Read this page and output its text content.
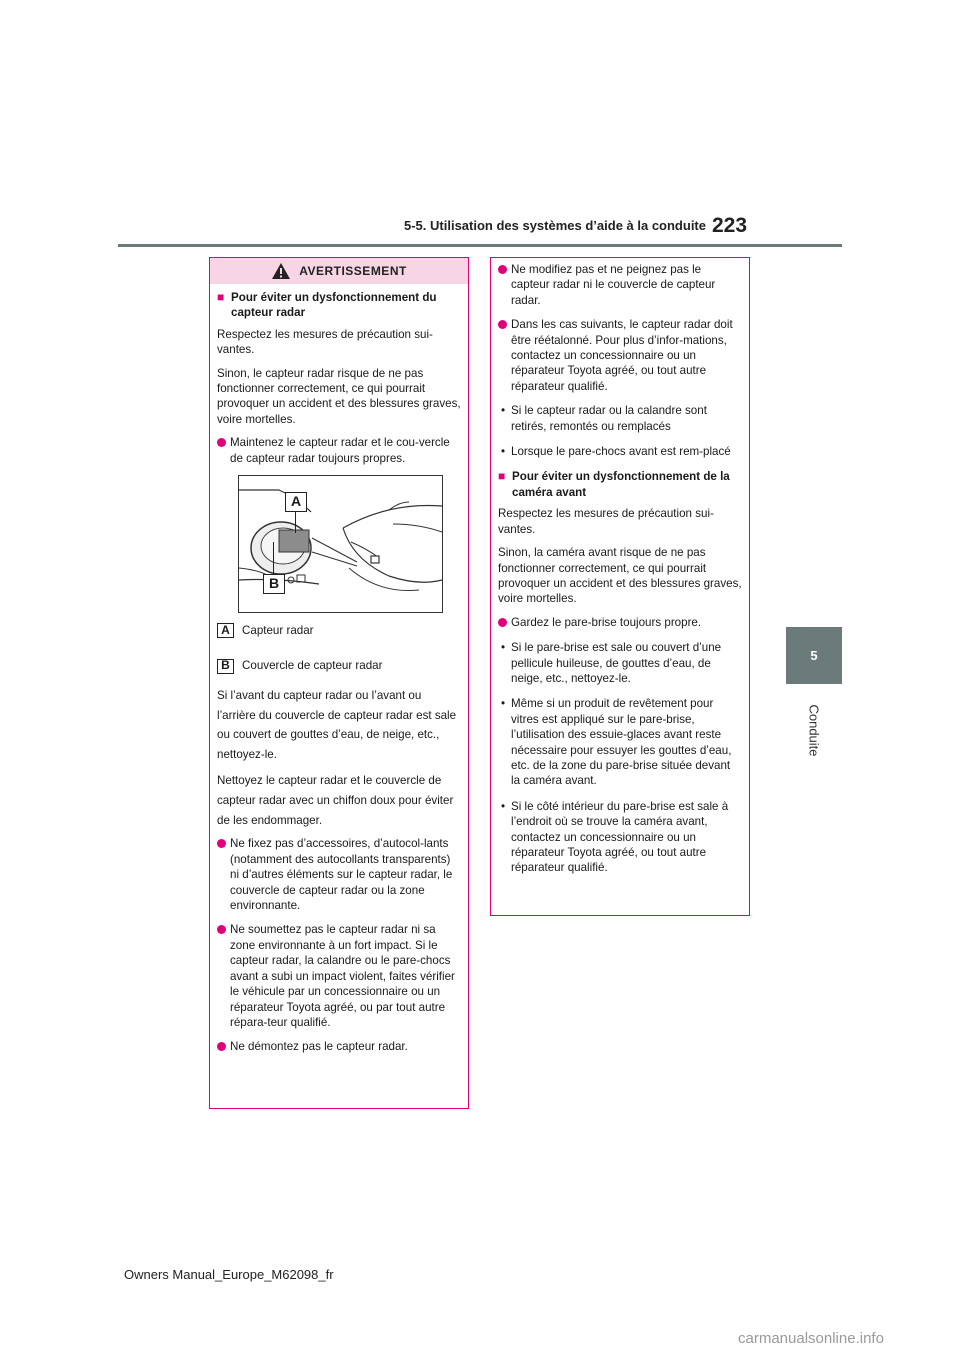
5-5. Utilisation des systèmes d’aide à la conduite 223
5
Conduite
AVERTISSEMENT
■ Pour éviter un dysfonctionnement du capteur radar

Respectez les mesures de précaution sui-vantes.

Sinon, le capteur radar risque de ne pas fonctionner correctement, ce qui pourrait provoquer un accident et des blessures graves, voire mortelles.

Maintenez le capteur radar et le cou-vercle de capteur radar toujours propres.
A
B
A	Capteur radar
B	Couvercle de capteur radar

Si l’avant du capteur radar ou l’avant ou l’arrière du couvercle de capteur radar est sale ou couvert de gouttes d’eau, de neige, etc., nettoyez-le.

Nettoyez le capteur radar et le couvercle de capteur radar avec un chiffon doux pour éviter de les endommager.

Ne fixez pas d’accessoires, d’autocol-lants (notamment des autocollants transparents) ni d’autres éléments sur le capteur radar, le couvercle de capteur radar ou la zone environnante.
Ne soumettez pas le capteur radar ni sa zone environnante à un fort impact. Si le capteur radar, la calandre ou le pare-chocs avant a subi un impact violent, faites vérifier le véhicule par un concessionnaire ou un réparateur Toyota agréé, ou par tout autre répara-teur qualifié.
Ne démontez pas le capteur radar.
Ne modifiez pas et ne peignez pas le capteur radar ni le couvercle de capteur radar.
Dans les cas suivants, le capteur radar doit être réétalonné. Pour plus d’infor-mations, contactez un concessionnaire ou un réparateur Toyota agréé, ou tout autre réparateur qualifié.
• Si le capteur radar ou la calandre sont retirés, remontés ou remplacés
• Lorsque le pare-chocs avant est rem-placé
■ Pour éviter un dysfonctionnement de la caméra avant

Respectez les mesures de précaution sui-vantes.

Sinon, la caméra avant risque de ne pas fonctionner correctement, ce qui pourrait provoquer un accident et des blessures graves, voire mortelles.

Gardez le pare-brise toujours propre.
• Si le pare-brise est sale ou couvert d’une pellicule huileuse, de gouttes d’eau, de neige, etc., nettoyez-le.
• Même si un produit de revêtement pour vitres est appliqué sur le pare-brise, l’utilisation des essuie-glaces avant reste nécessaire pour essuyer les gouttes d’eau, etc. de la zone du pare-brise située devant la caméra avant.
• Si le côté intérieur du pare-brise est sale à l’endroit où se trouve la caméra avant, contactez un concessionnaire ou un réparateur Toyota agréé, ou tout autre réparateur qualifié.
Owners Manual_Europe_M62098_fr
carmanualsonline.info
